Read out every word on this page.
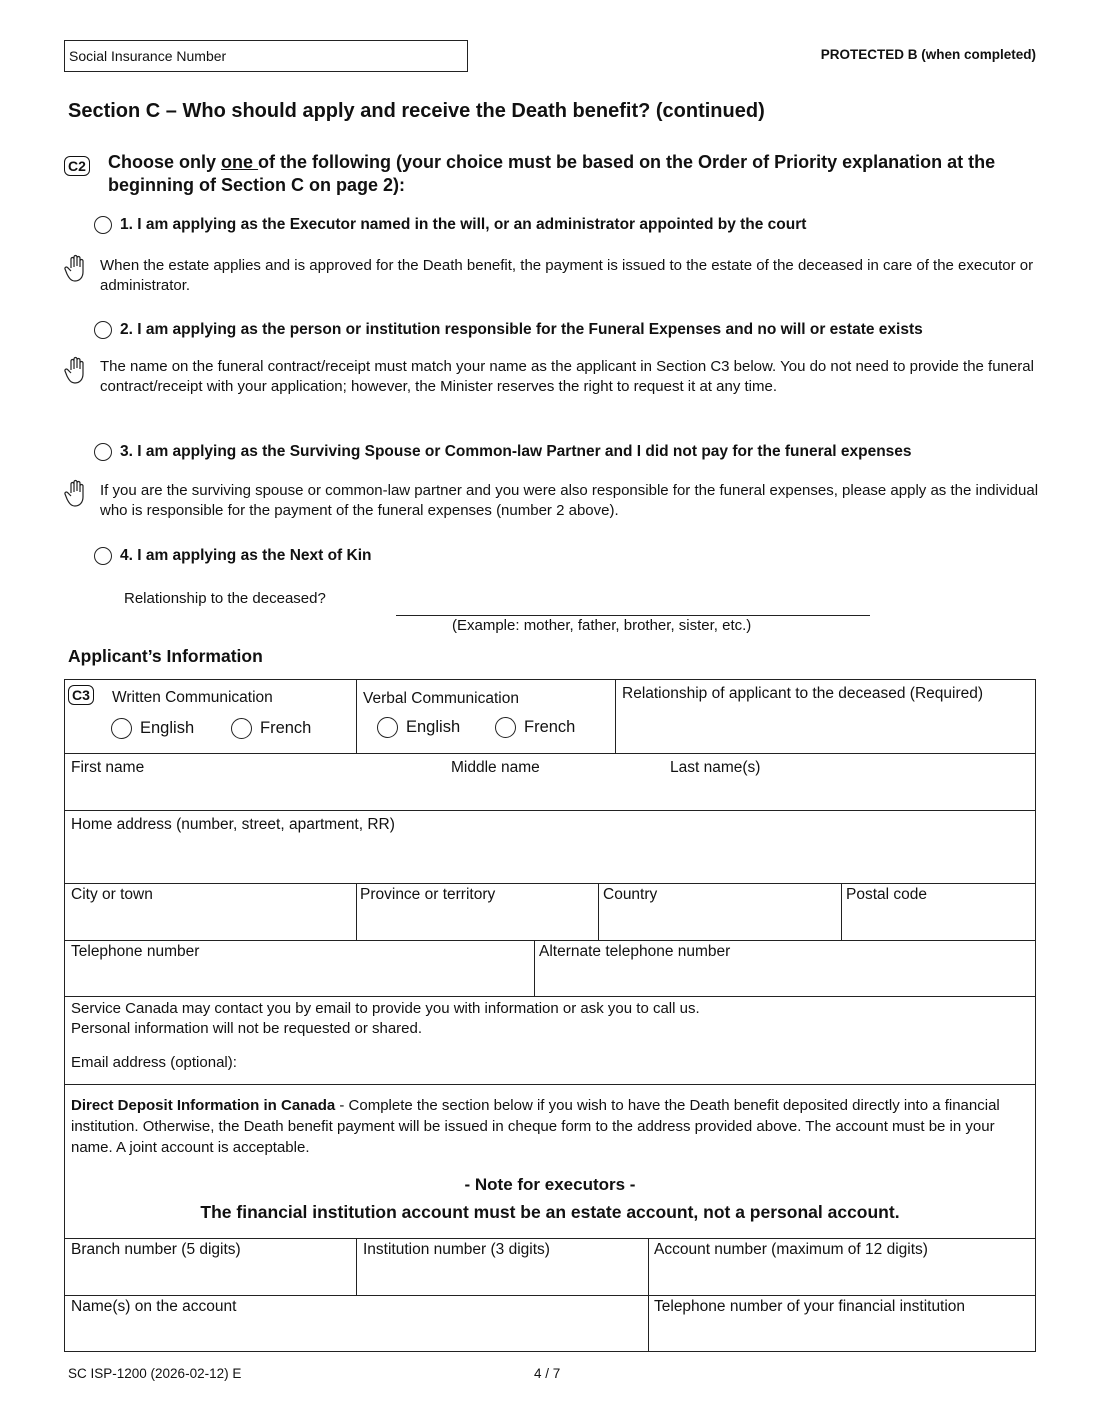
Social Insurance Number	PROTECTED B (when completed)
Section C – Who should apply and receive the Death benefit? (continued)
C2 Choose only one of the following (your choice must be based on the Order of Priority explanation at the beginning of Section C on page 2):
1. I am applying as the Executor named in the will, or an administrator appointed by the court
When the estate applies and is approved for the Death benefit, the payment is issued to the estate of the deceased in care of the executor or administrator.
2. I am applying as the person or institution responsible for the Funeral Expenses and no will or estate exists
The name on the funeral contract/receipt must match your name as the applicant in Section C3 below. You do not need to provide the funeral contract/receipt with your application; however, the Minister reserves the right to request it at any time.
3. I am applying as the Surviving Spouse or Common-law Partner and I did not pay for the funeral expenses
If you are the surviving spouse or common-law partner and you were also responsible for the funeral expenses, please apply as the individual who is responsible for the payment of the funeral expenses (number 2 above).
4. I am applying as the Next of Kin
Relationship to the deceased?
(Example: mother, father, brother, sister, etc.)
Applicant’s Information
C3 Written Communication
English	French
Verbal Communication
English	French
Relationship of applicant to the deceased (Required)
First name	Middle name	Last name(s)
Home address (number, street, apartment, RR)
City or town	Province or territory	Country	Postal code
Telephone number	Alternate telephone number
Service Canada may contact you by email to provide you with information or ask you to call us.
Personal information will not be requested or shared.
Email address (optional):
Direct Deposit Information in Canada - Complete the section below if you wish to have the Death benefit deposited directly into a financial institution. Otherwise, the Death benefit payment will be issued in cheque form to the address provided above. The account must be in your name. A joint account is acceptable.
- Note for executors -
The financial institution account must be an estate account, not a personal account.
Branch number (5 digits)	Institution number (3 digits)	Account number (maximum of 12 digits)
Name(s) on the account	Telephone number of your financial institution
SC ISP-1200 (2026-02-12) E	4 / 7
